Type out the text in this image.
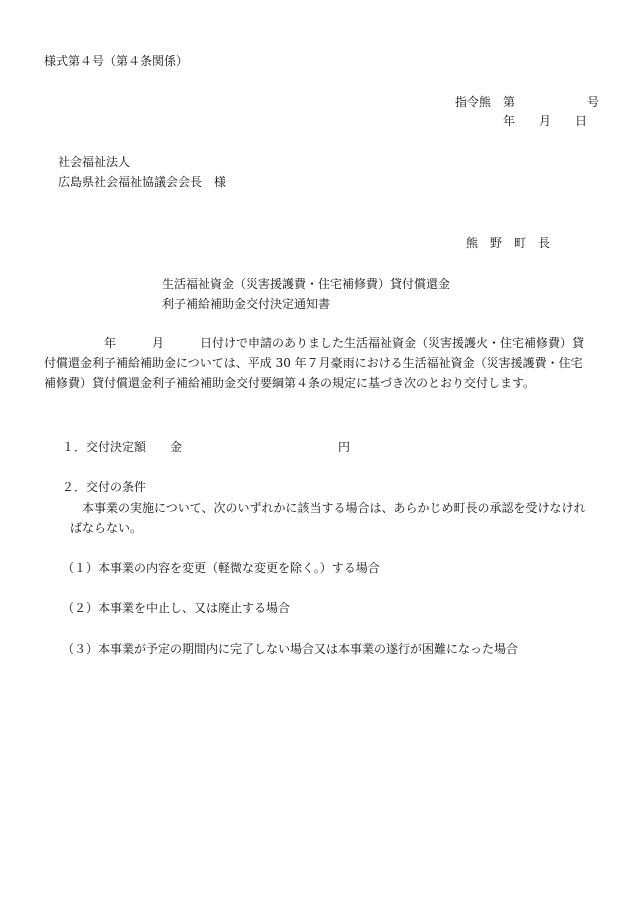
様式第４号（第４条関係）
指令熊　第　　　　　　号
年　　月　　日
社会福祉法人
広島県社会福祉協議会会長　様
熊　野　町　長
生活福祉資金（災害援護費・住宅補修費）貸付償還金
利子補給補助金交付決定通知書
　　　　　年　　　月　　　日付けで申請のありました生活福祉資金（災害援護火・住宅補修費）貸付償還金利子補給補助金については、平成 30 年７月豪雨における生活福祉資金（災害援護費・住宅補修費）貸付償還金利子補給補助金交付要綱第４条の規定に基づき次のとおり交付します。
１．交付決定額　　金　　　　　　　　　　　　　円
２．交付の条件
本事業の実施について、次のいずれかに該当する場合は、あらかじめ町長の承認を受けなければならない。
（１）本事業の内容を変更（軽微な変更を除く。）する場合
（２）本事業を中止し、又は廃止する場合
（３）本事業が予定の期間内に完了しない場合又は本事業の遂行が困難になった場合
